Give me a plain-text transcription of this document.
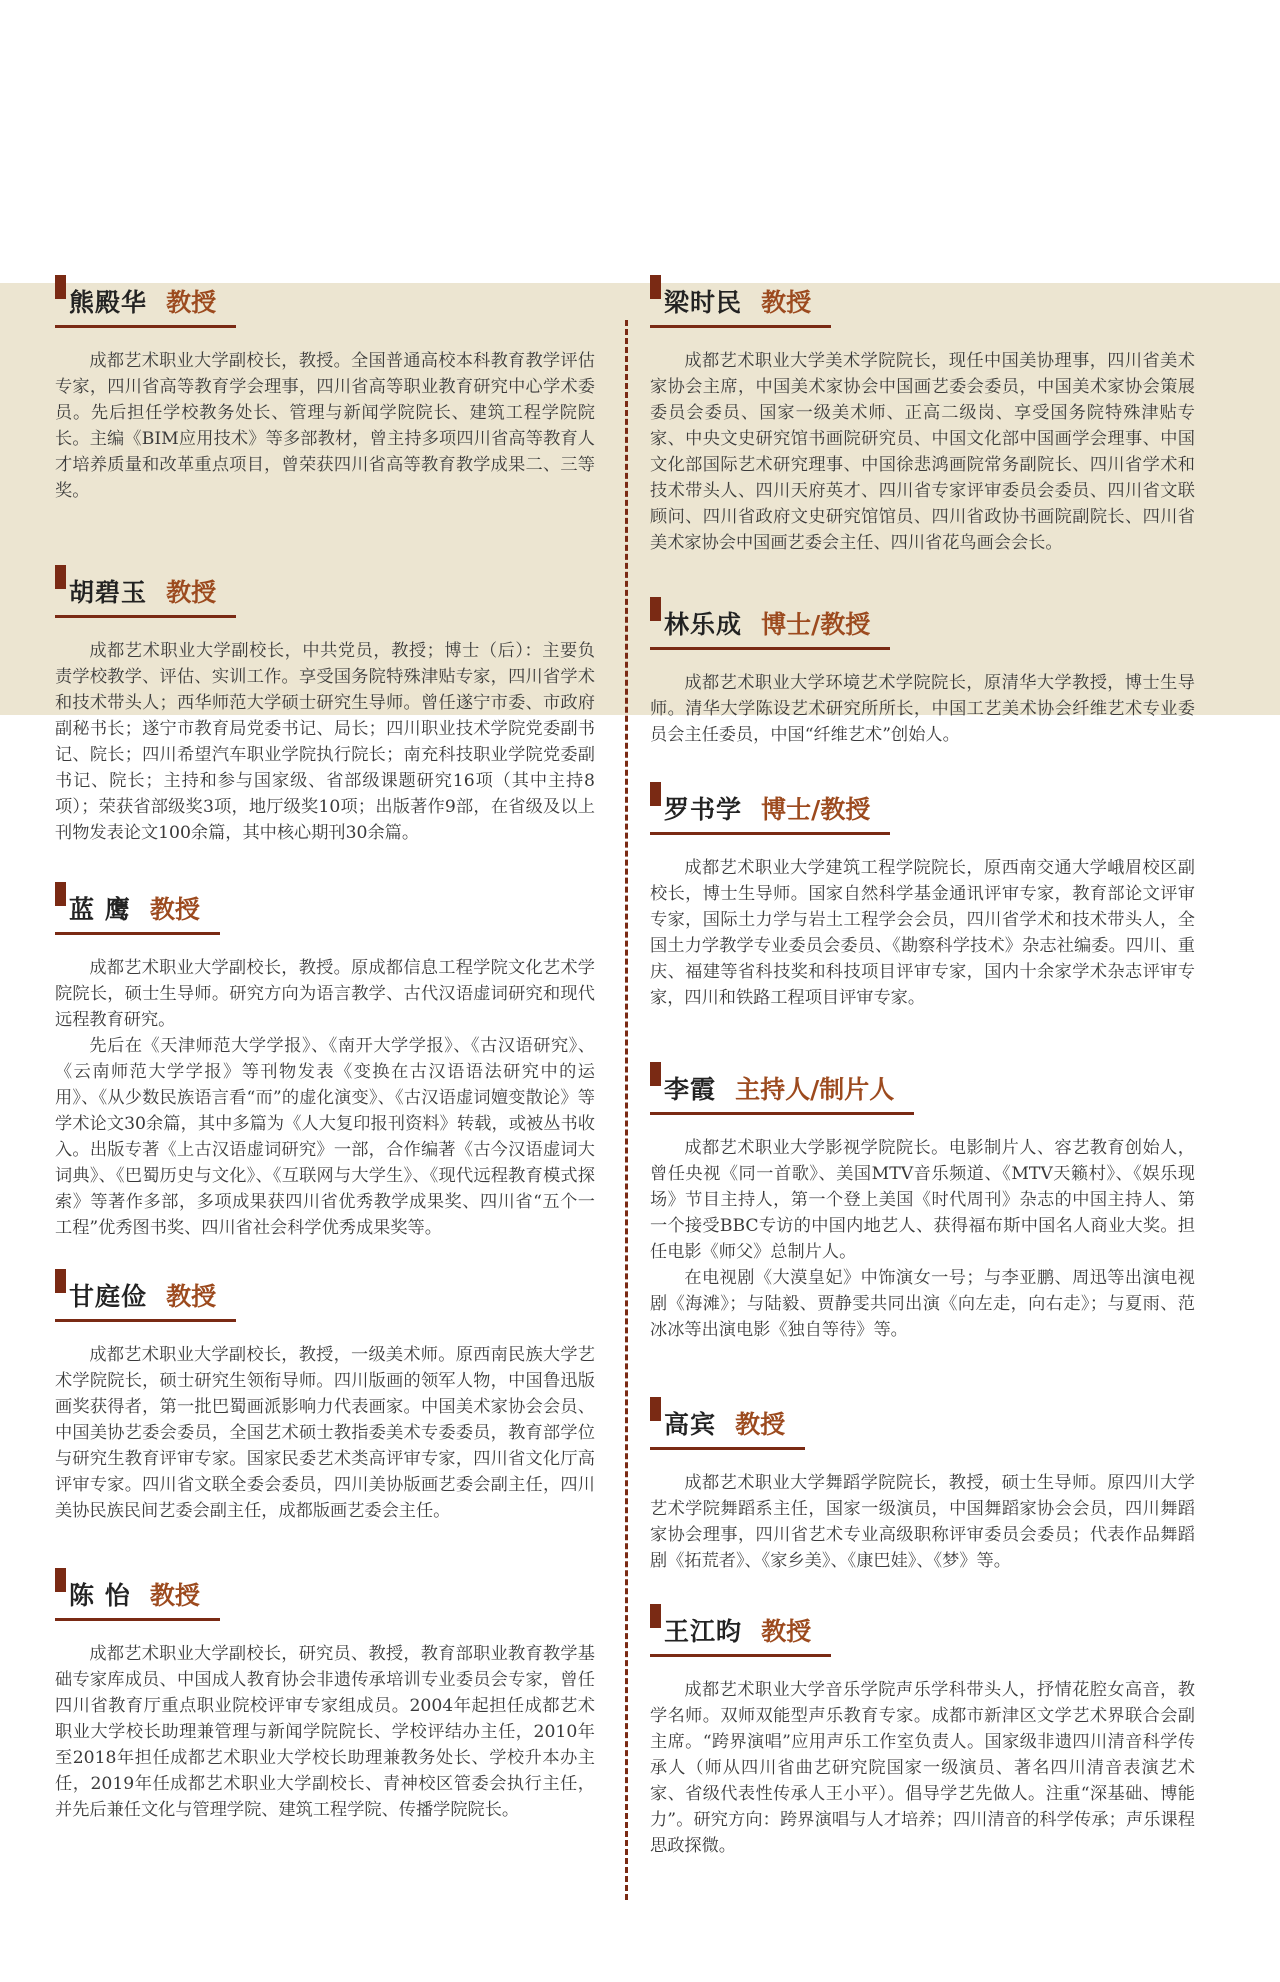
熊殿华 教授

成都艺术职业大学副校长，教授。全国普通高校本科教育教学评估专家，四川省高等教育学会理事，四川省高等职业教育研究中心学术委员。先后担任学校教务处长、管理与新闻学院院长、建筑工程学院院长。主编《BIM应用技术》等多部教材，曾主持多项四川省高等教育人才培养质量和改革重点项目，曾荣获四川省高等教育教学成果二、三等奖。

胡碧玉 教授

成都艺术职业大学副校长，中共党员，教授；博士（后）：主要负责学校教学、评估、实训工作。享受国务院特殊津贴专家，四川省学术和技术带头人；西华师范大学硕士研究生导师。曾任遂宁市委、市政府副秘书长；遂宁市教育局党委书记、局长；四川职业技术学院党委副书记、院长；四川希望汽车职业学院执行院长；南充科技职业学院党委副书记、院长；主持和参与国家级、省部级课题研究16项（其中主持8项）；荣获省部级奖3项，地厅级奖10项；出版著作9部，在省级及以上刊物发表论文100余篇，其中核心期刊30余篇。

蓝 鹰 教授

成都艺术职业大学副校长，教授。原成都信息工程学院文化艺术学院院长，硕士生导师。研究方向为语言教学、古代汉语虚词研究和现代远程教育研究。

先后在《天津师范大学学报》、《南开大学学报》、《古汉语研究》、《云南师范大学学报》等刊物发表《变换在古汉语语法研究中的运用》、《从少数民族语言看“而”的虚化演变》、《古汉语虚词嬗变散论》等学术论文30余篇，其中多篇为《人大复印报刊资料》转载，或被丛书收入。出版专著《上古汉语虚词研究》一部，合作编著《古今汉语虚词大词典》、《巴蜀历史与文化》、《互联网与大学生》、《现代远程教育模式探索》等著作多部，多项成果获四川省优秀教学成果奖、四川省“五个一工程”优秀图书奖、四川省社会科学优秀成果奖等。

甘庭俭 教授

成都艺术职业大学副校长，教授，一级美术师。原西南民族大学艺术学院院长，硕士研究生领衔导师。四川版画的领军人物，中国鲁迅版画奖获得者，第一批巴蜀画派影响力代表画家。中国美术家协会会员、中国美协艺委会委员，全国艺术硕士教指委美术专委委员，教育部学位与研究生教育评审专家。国家民委艺术类高评审专家，四川省文化厅高评审专家。四川省文联全委会委员，四川美协版画艺委会副主任，四川美协民族民间艺委会副主任，成都版画艺委会主任。

陈 怡 教授

成都艺术职业大学副校长，研究员、教授，教育部职业教育教学基础专家库成员、中国成人教育协会非遗传承培训专业委员会专家，曾任四川省教育厅重点职业院校评审专家组成员。2004年起担任成都艺术职业大学校长助理兼管理与新闻学院院长、学校评结办主任，2010年至2018年担任成都艺术职业大学校长助理兼教务处长、学校升本办主任，2019年任成都艺术职业大学副校长、青神校区管委会执行主任，并先后兼任文化与管理学院、建筑工程学院、传播学院院长。

梁时民 教授

成都艺术职业大学美术学院院长，现任中国美协理事，四川省美术家协会主席，中国美术家协会中国画艺委会委员，中国美术家协会策展委员会委员、国家一级美术师、正高二级岗、享受国务院特殊津贴专家、中央文史研究馆书画院研究员、中国文化部中国画学会理事、中国文化部国际艺术研究理事、中国徐悲鸿画院常务副院长、四川省学术和技术带头人、四川天府英才、四川省专家评审委员会委员、四川省文联顾问、四川省政府文史研究馆馆员、四川省政协书画院副院长、四川省美术家协会中国画艺委会主任、四川省花鸟画会会长。

林乐成 博士/教授

成都艺术职业大学环境艺术学院院长，原清华大学教授，博士生导师。清华大学陈设艺术研究所所长，中国工艺美术协会纤维艺术专业委员会主任委员，中国“纤维艺术”创始人。

罗书学 博士/教授

成都艺术职业大学建筑工程学院院长，原西南交通大学峨眉校区副校长，博士生导师。国家自然科学基金通讯评审专家，教育部论文评审专家，国际土力学与岩土工程学会会员，四川省学术和技术带头人，全国土力学教学专业委员会委员、《勘察科学技术》杂志社编委。四川、重庆、福建等省科技奖和科技项目评审专家，国内十余家学术杂志评审专家，四川和铁路工程项目评审专家。

李霞 主持人/制片人

成都艺术职业大学影视学院院长。电影制片人、容艺教育创始人，曾任央视《同一首歌》、美国MTV音乐频道、《MTV天籁村》、《娱乐现场》节目主持人，第一个登上美国《时代周刊》杂志的中国主持人、第一个接受BBC专访的中国内地艺人、获得福布斯中国名人商业大奖。担任电影《师父》总制片人。

在电视剧《大漠皇妃》中饰演女一号；与李亚鹏、周迅等出演电视剧《海滩》；与陆毅、贾静雯共同出演《向左走，向右走》；与夏雨、范冰冰等出演电影《独自等待》等。

高宾 教授

成都艺术职业大学舞蹈学院院长，教授，硕士生导师。原四川大学艺术学院舞蹈系主任，国家一级演员，中国舞蹈家协会会员，四川舞蹈家协会理事，四川省艺术专业高级职称评审委员会委员；代表作品舞蹈剧《拓荒者》、《家乡美》、《康巴娃》、《梦》等。

王江昀 教授

成都艺术职业大学音乐学院声乐学科带头人，抒情花腔女高音，教学名师。双师双能型声乐教育专家。成都市新津区文学艺术界联合会副主席。“跨界演唱”应用声乐工作室负责人。国家级非遗四川清音科学传承人（师从四川省曲艺研究院国家一级演员、著名四川清音表演艺术家、省级代表性传承人王小平）。倡导学艺先做人。注重“深基础、博能力”。研究方向：跨界演唱与人才培养；四川清音的科学传承；声乐课程思政探微。
